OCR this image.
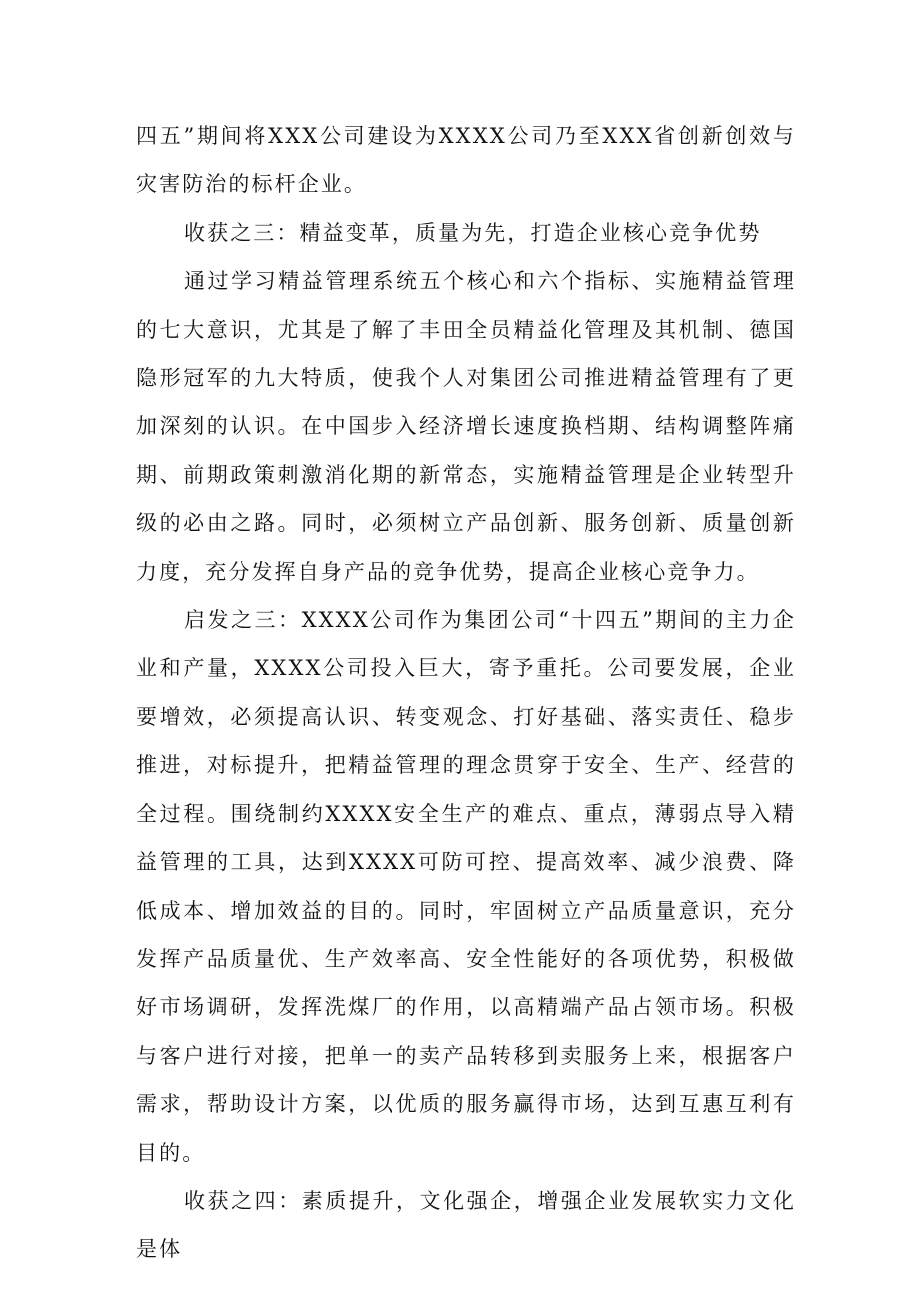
四五”期间将XXX公司建设为XXXX公司乃至XXX省创新创效与灾害防治的标杆企业。

收获之三：精益变革，质量为先，打造企业核心竞争优势

通过学习精益管理系统五个核心和六个指标、实施精益管理的七大意识，尤其是了解了丰田全员精益化管理及其机制、德国隐形冠军的九大特质，使我个人对集团公司推进精益管理有了更加深刻的认识。在中国步入经济增长速度换档期、结构调整阵痛期、前期政策刺激消化期的新常态，实施精益管理是企业转型升级的必由之路。同时，必须树立产品创新、服务创新、质量创新力度，充分发挥自身产品的竞争优势，提高企业核心竞争力。

启发之三：XXXX公司作为集团公司“十四五”期间的主力企业和产量，XXXX公司投入巨大，寄予重托。公司要发展，企业要增效，必须提高认识、转变观念、打好基础、落实责任、稳步推进，对标提升，把精益管理的理念贯穿于安全、生产、经营的全过程。围绕制约XXXX安全生产的难点、重点，薄弱点导入精益管理的工具，达到XXXX可防可控、提高效率、减少浪费、降低成本、增加效益的目的。同时，牢固树立产品质量意识，充分发挥产品质量优、生产效率高、安全性能好的各项优势，积极做好市场调研，发挥洗煤厂的作用，以高精端产品占领市场。积极与客户进行对接，把单一的卖产品转移到卖服务上来，根据客户需求，帮助设计方案，以优质的服务赢得市场，达到互惠互利有目的。

收获之四：素质提升，文化强企，增强企业发展软实力文化是体
